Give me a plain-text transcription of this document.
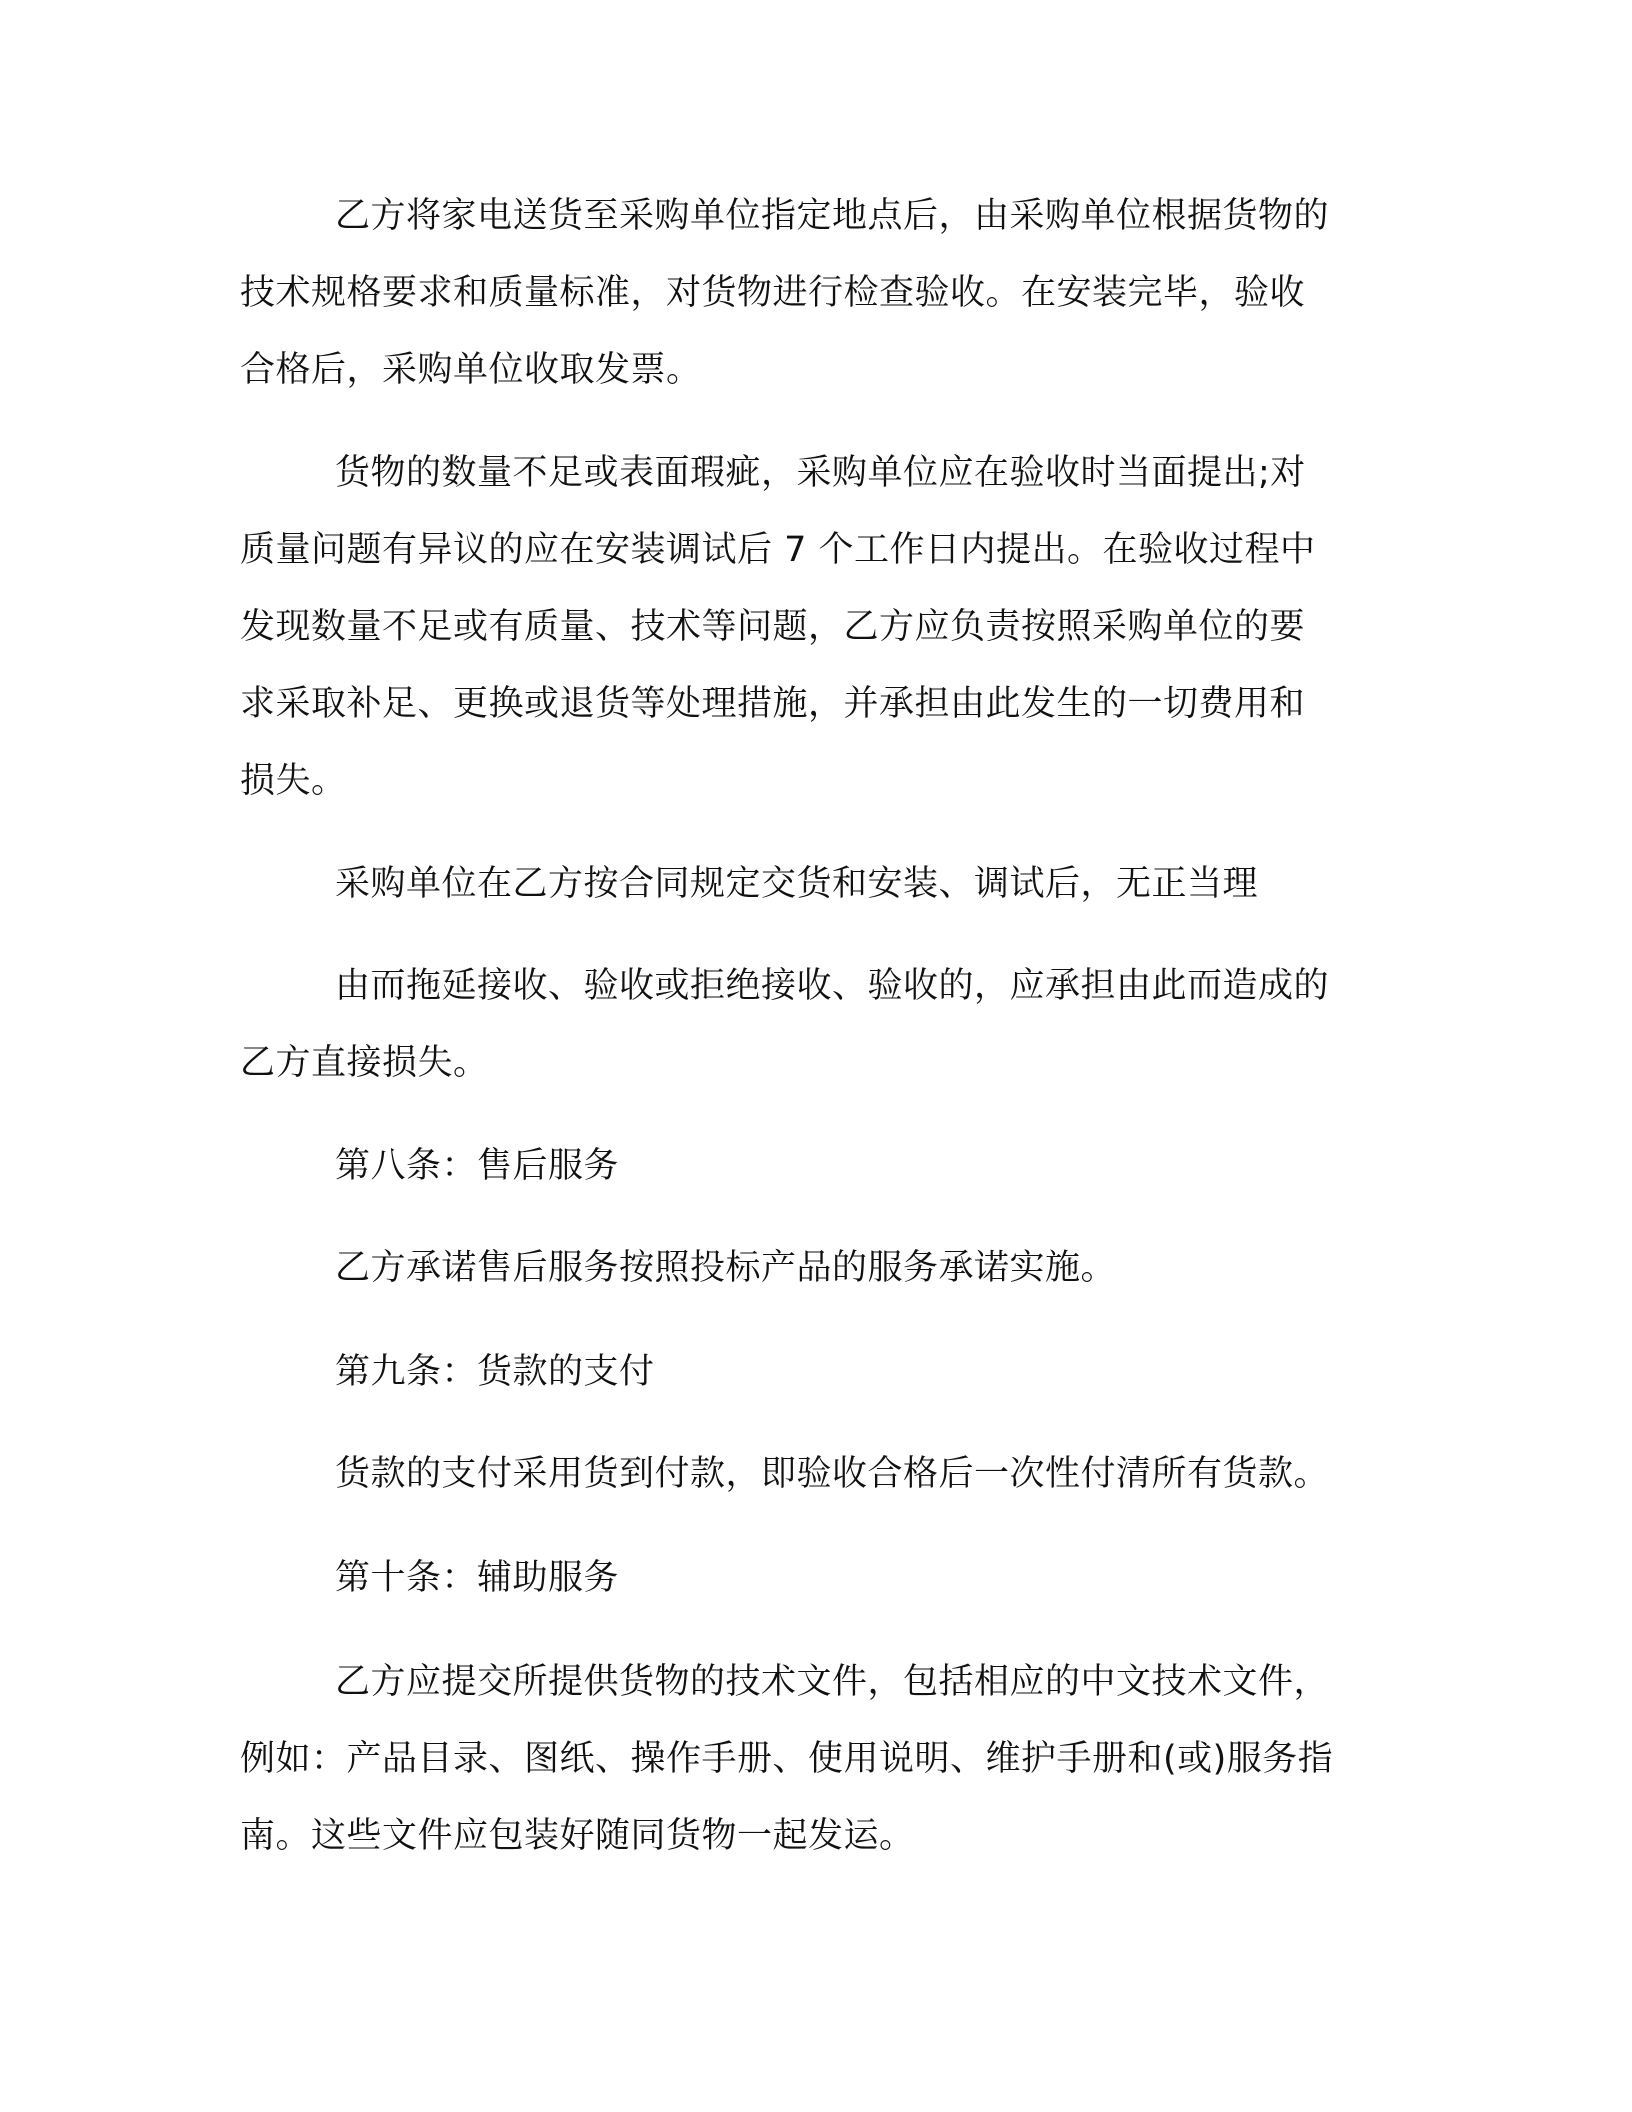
乙方将家电送货至采购单位指定地点后，由采购单位根据货物的
技术规格要求和质量标准，对货物进行检查验收。在安装完毕，验收
合格后，采购单位收取发票。
货物的数量不足或表面瑕疵，采购单位应在验收时当面提出;对
质量问题有异议的应在安装调试后 7 个工作日内提出。在验收过程中
发现数量不足或有质量、技术等问题，乙方应负责按照采购单位的要
求采取补足、更换或退货等处理措施，并承担由此发生的一切费用和
损失。
采购单位在乙方按合同规定交货和安装、调试后，无正当理
由而拖延接收、验收或拒绝接收、验收的，应承担由此而造成的
乙方直接损失。
第八条：售后服务
乙方承诺售后服务按照投标产品的服务承诺实施。
第九条：货款的支付
货款的支付采用货到付款，即验收合格后一次性付清所有货款。
第十条：辅助服务
乙方应提交所提供货物的技术文件，包括相应的中文技术文件，
例如：产品目录、图纸、操作手册、使用说明、维护手册和(或)服务指
南。这些文件应包装好随同货物一起发运。
